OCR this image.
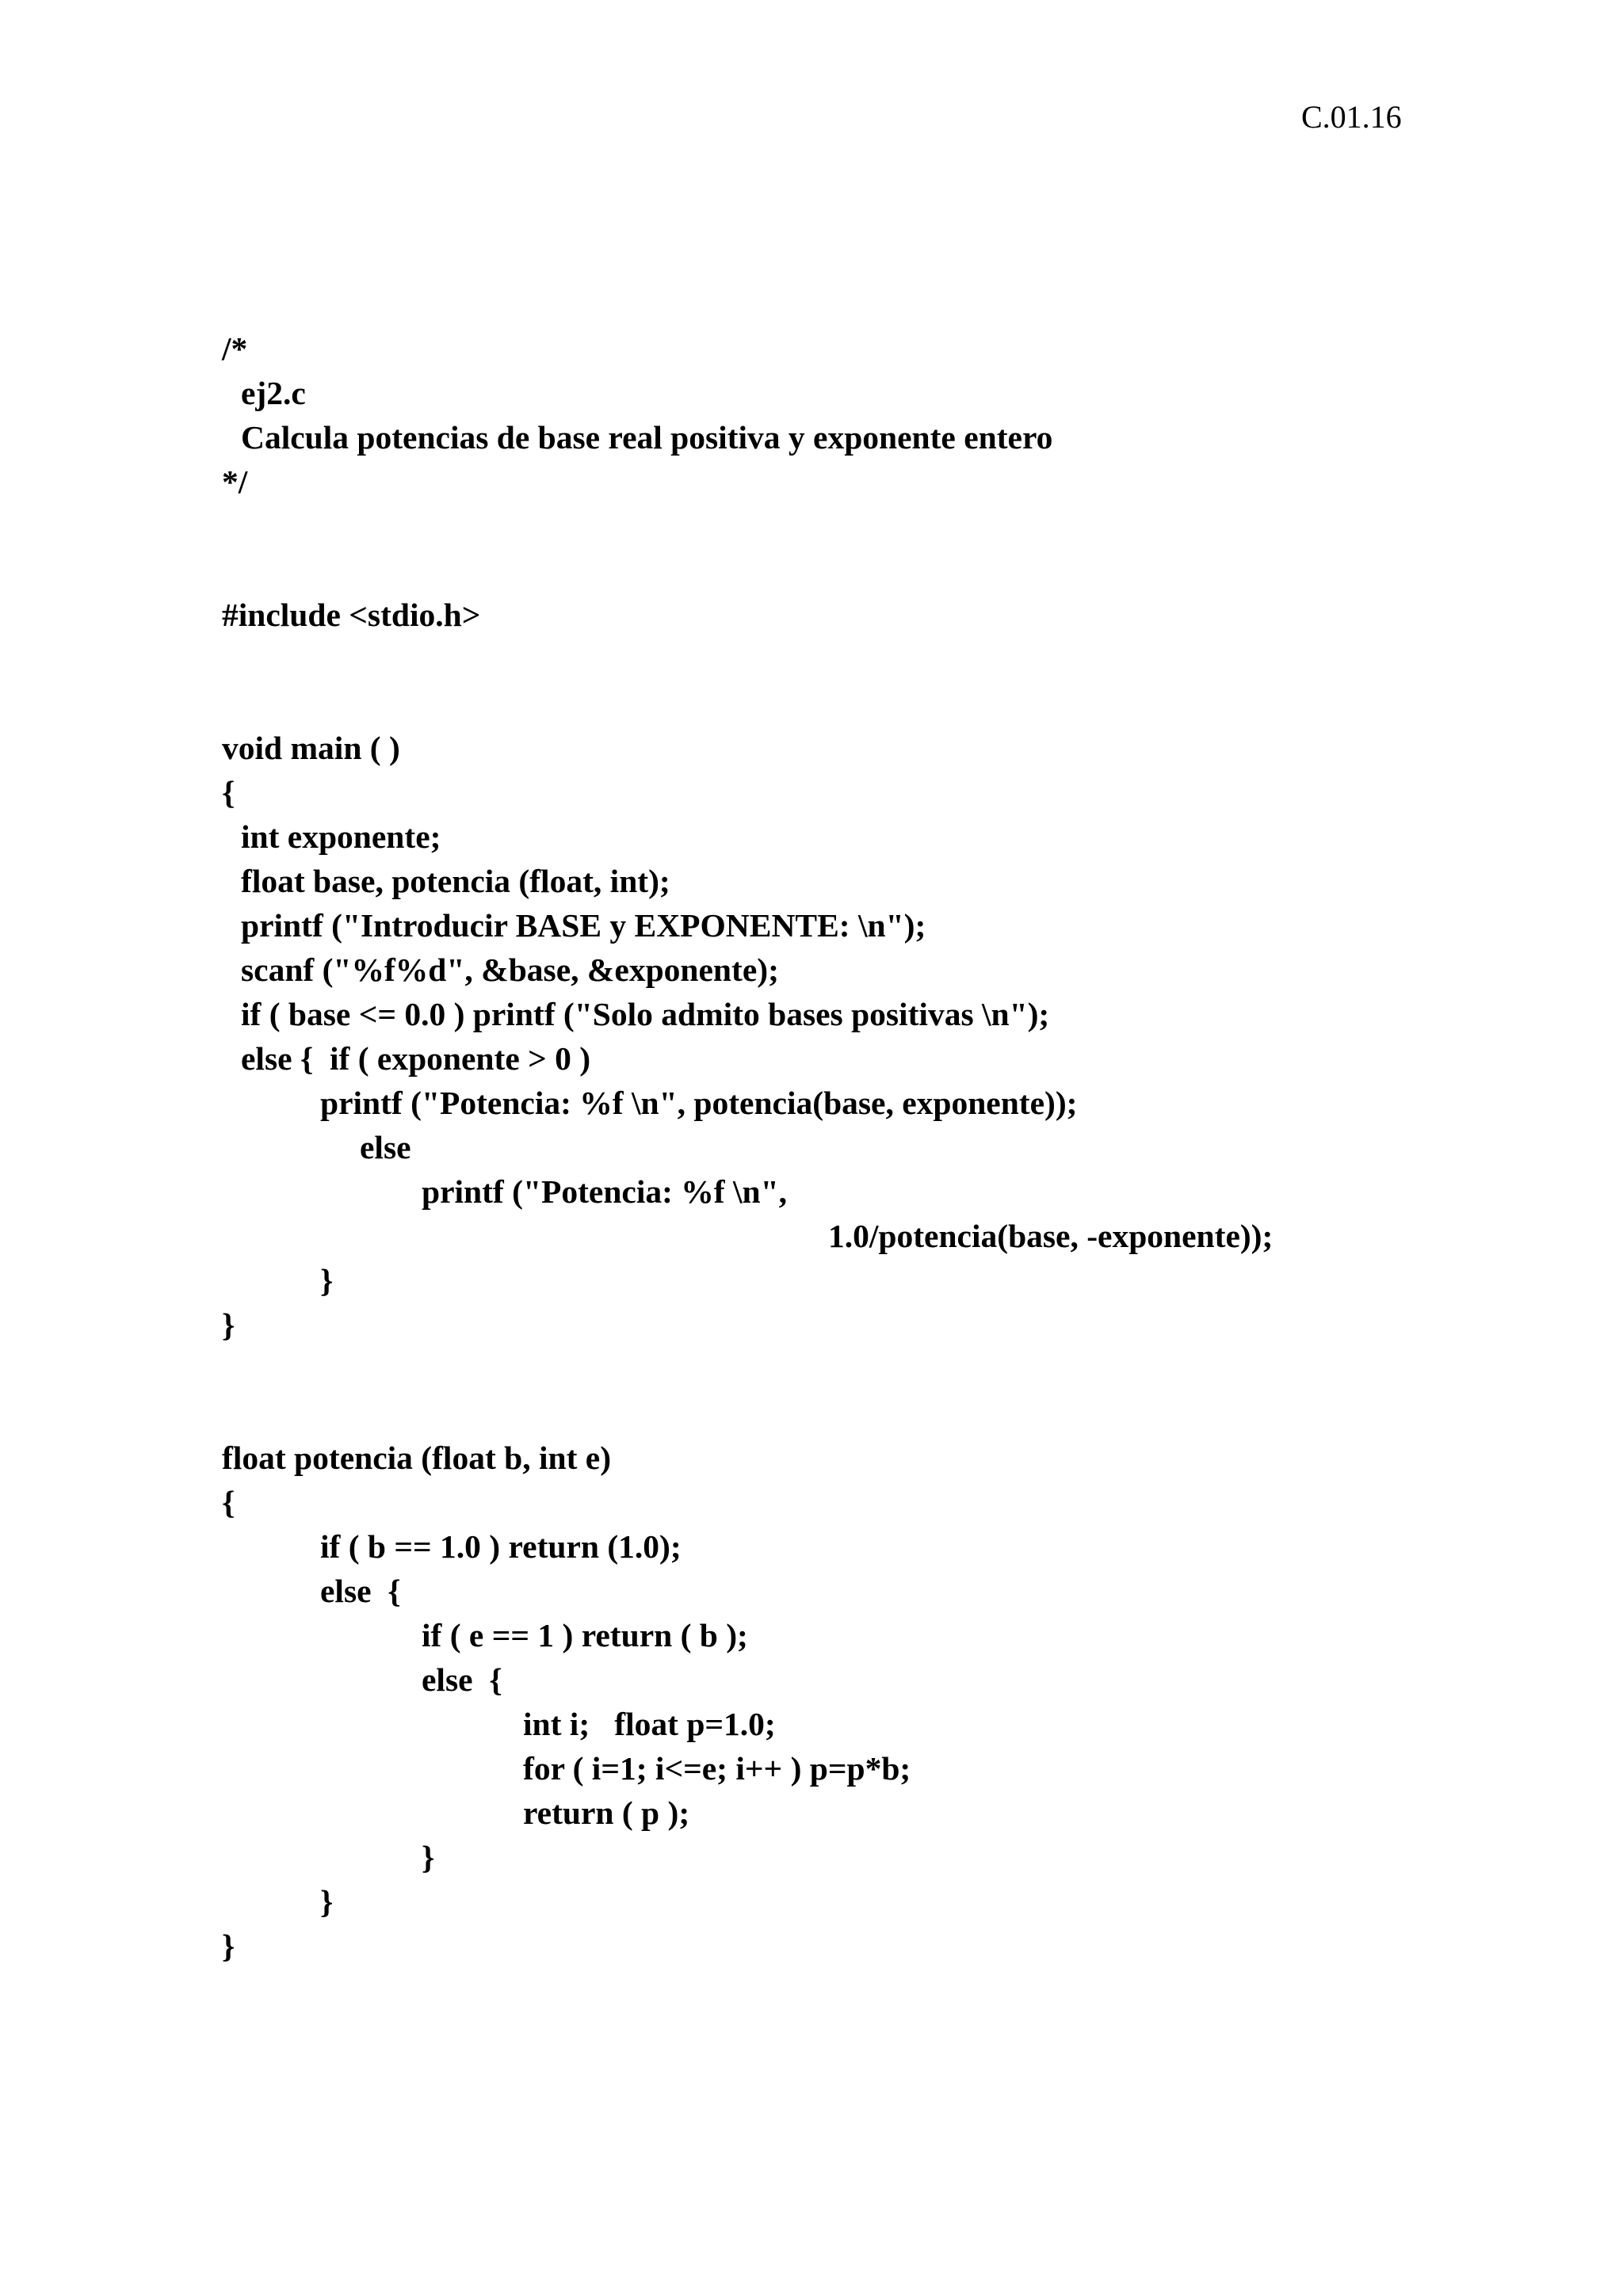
C.01.16
/*
ej2.c
Calcula potencias de base real positiva y exponente entero
*/
#include <stdio.h>
void main ( )
{
int exponente;
float base, potencia (float, int);
printf ("Introducir BASE y EXPONENTE: \n");
scanf ("%f%d", &base, &exponente);
if ( base <= 0.0 ) printf ("Solo admito bases positivas \n");
else {  if ( exponente > 0 )
printf ("Potencia: %f \n", potencia(base, exponente));
else
printf ("Potencia: %f \n",
1.0/potencia(base, -exponente));
}
}
float potencia (float b, int e)
{
if ( b == 1.0 ) return (1.0);
else  {
if ( e == 1 ) return ( b );
else  {
int i;   float p=1.0;
for ( i=1; i<=e; i++ ) p=p*b;
return ( p );
}
}
}
